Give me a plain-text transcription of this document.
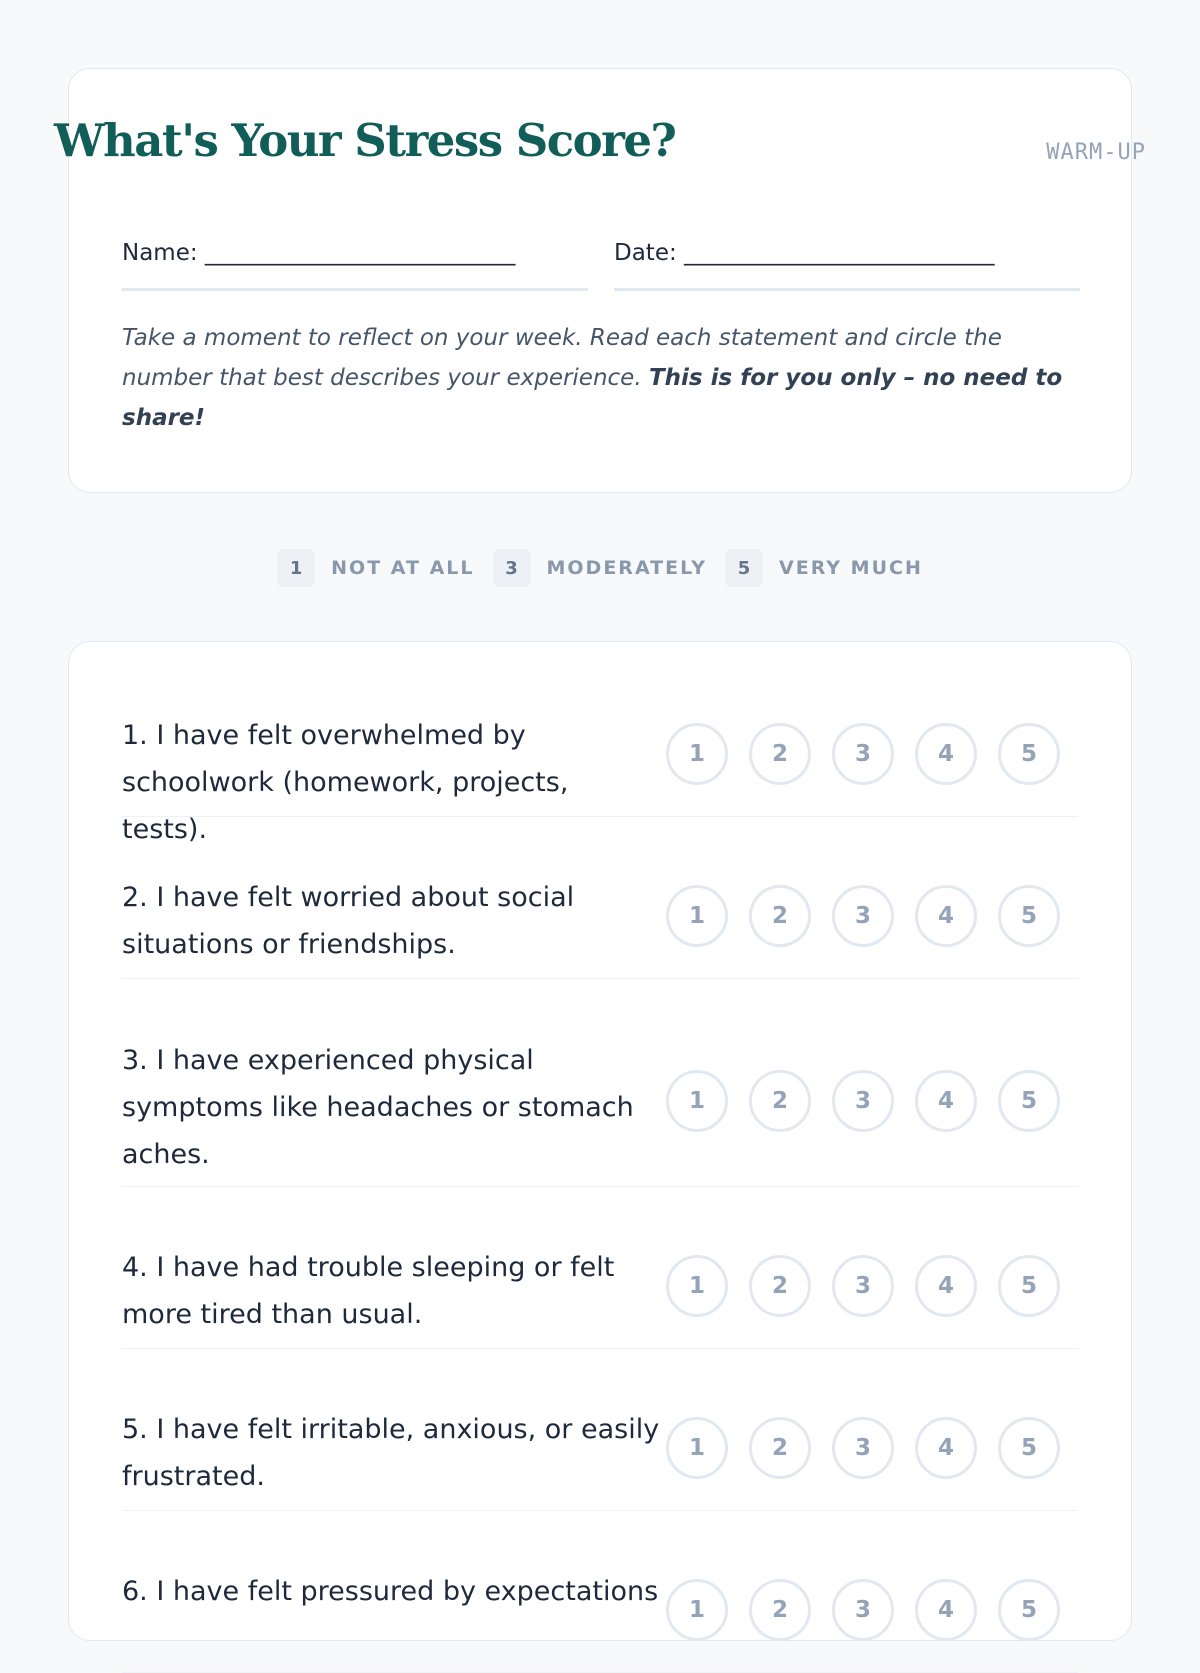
What's Your Stress Score?	WARM-UP
Name: ___________________________	Date: ___________________________

Take a moment to reflect on your week. Read each statement and circle the number that best describes your experience. This is for you only – no need to share!

1	NOT AT ALL	3	MODERATELY	5	VERY MUCH

1. I have felt overwhelmed by schoolwork (homework, projects, tests).

1	2	3	4	5

2. I have felt worried about social situations or friendships.

1	2	3	4	5

3. I have experienced physical symptoms like headaches or stomach aches.

1	2	3	4	5

4. I have had trouble sleeping or felt more tired than usual.

1	2	3	4	5

5. I have felt irritable, anxious, or easily frustrated.

1	2	3	4	5

6. I have felt pressured by expectations

1	2	3	4	5
